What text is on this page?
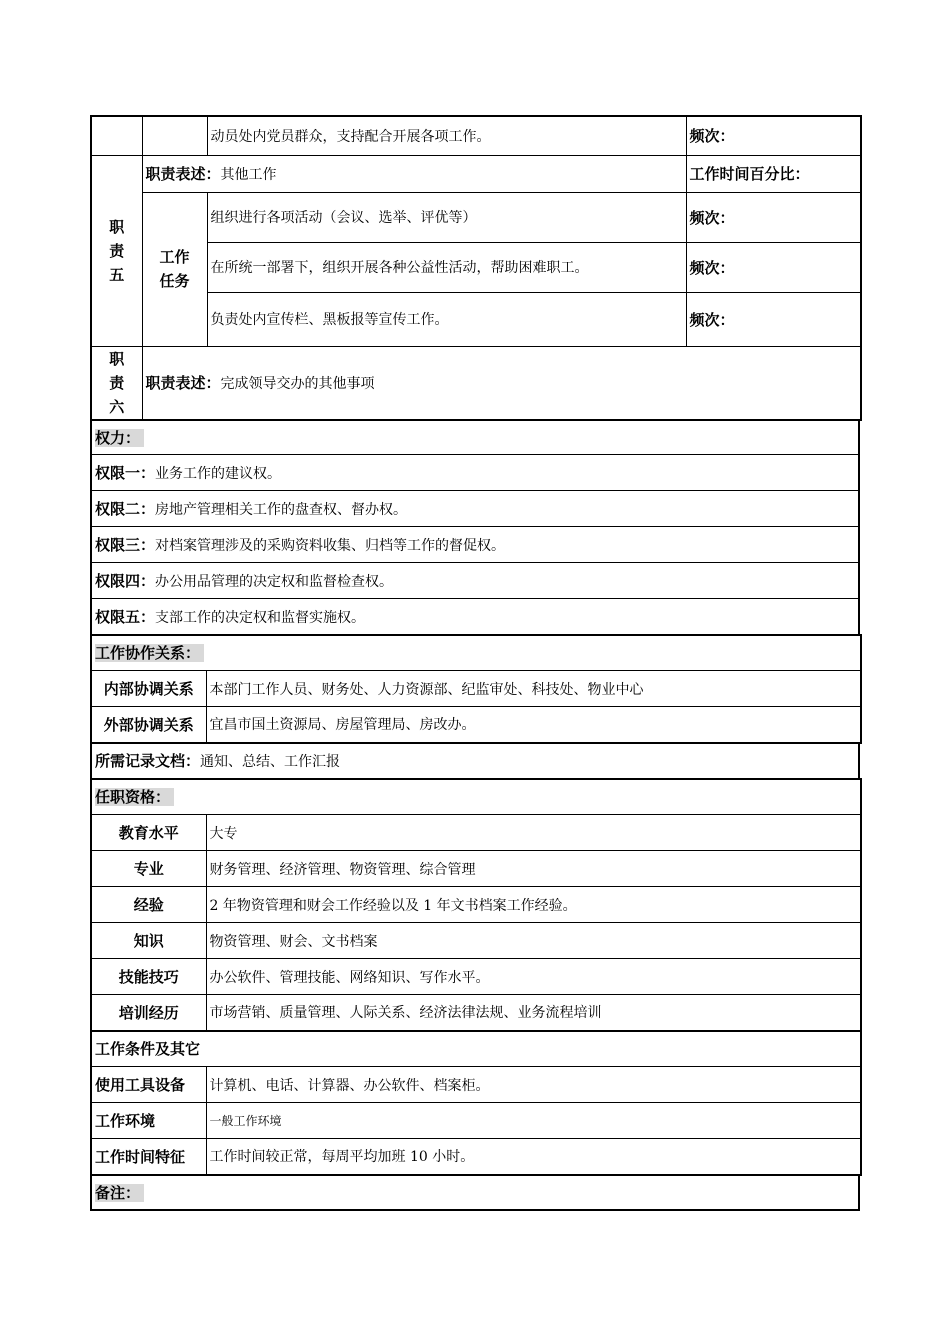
		动员处内党员群众，支持配合开展各项工作。	频次：

职责五	职责表述：其他工作		工作时间百分比：

	工作任务	组织进行各项活动（会议、选举、评优等）	频次：
		在所统一部署下，组织开展各种公益性活动，帮助困难职工。	频次：
		负责处内宣传栏、黑板报等宣传工作。	频次：

职责六	职责表述：完成领导交办的其他事项		
权力：
权限一：业务工作的建议权。
权限二：房地产管理相关工作的盘查权、督办权。
权限三：对档案管理涉及的采购资料收集、归档等工作的督促权。
权限四：办公用品管理的决定权和监督检查权。
权限五：支部工作的决定权和监督实施权。
工作协作关系：	
内部协调关系	本部门工作人员、财务处、人力资源部、纪监审处、科技处、物业中心
外部协调关系	宜昌市国土资源局、房屋管理局、房改办。
所需记录文档：通知、总结、工作汇报
任职资格：	
教育水平	大专
专业	财务管理、经济管理、物资管理、综合管理
经验	2 年物资管理和财会工作经验以及 1 年文书档案工作经验。
知识	物资管理、财会、文书档案
技能技巧	办公软件、管理技能、网络知识、写作水平。
培训经历	市场营销、质量管理、人际关系、经济法律法规、业务流程培训
工作条件及其它	
使用工具设备	计算机、电话、计算器、办公软件、档案柜。
工作环境	一般工作环境
工作时间特征	工作时间较正常，每周平均加班 10 小时。
备注：
